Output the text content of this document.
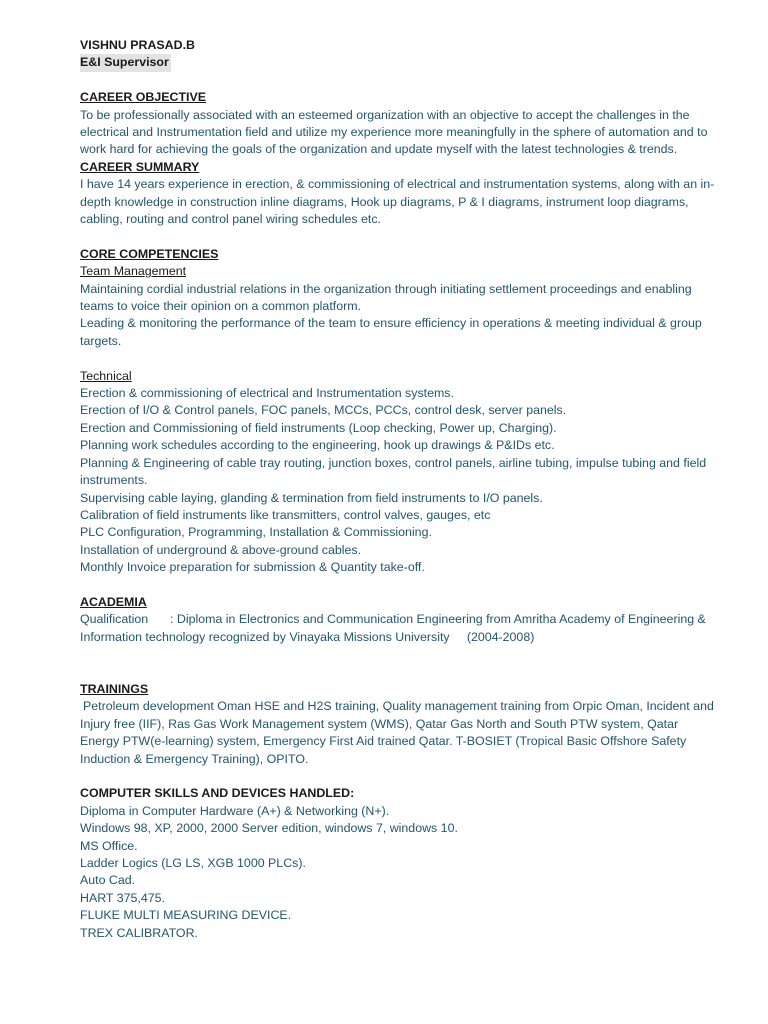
VISHNU PRASAD.B
E&I Supervisor
CAREER OBJECTIVE
To be professionally associated with an esteemed organization with an objective to accept the challenges in the electrical and Instrumentation field and utilize my experience more meaningfully in the sphere of automation and to work hard for achieving the goals of the organization and update myself with the latest technologies & trends.
CAREER SUMMARY
I have 14 years experience in erection, & commissioning of electrical and instrumentation systems, along with an in-depth knowledge in construction inline diagrams, Hook up diagrams, P & I diagrams, instrument loop diagrams, cabling, routing and control panel wiring schedules etc.
CORE COMPETENCIES
Team Management
Maintaining cordial industrial relations in the organization through initiating settlement proceedings and enabling teams to voice their opinion on a common platform.
Leading & monitoring the performance of the team to ensure efficiency in operations & meeting individual & group targets.
Technical
Erection & commissioning of electrical and Instrumentation systems.
Erection of I/O & Control panels, FOC panels, MCCs, PCCs, control desk, server panels.
Erection and Commissioning of field instruments (Loop checking, Power up, Charging).
Planning work schedules according to the engineering, hook up drawings & P&IDs etc.
Planning & Engineering of cable tray routing, junction boxes, control panels, airline tubing, impulse tubing and field instruments.
Supervising cable laying, glanding & termination from field instruments to I/O panels.
Calibration of field instruments like transmitters, control valves, gauges, etc
PLC Configuration, Programming, Installation & Commissioning.
Installation of underground & above-ground cables.
Monthly Invoice preparation for submission & Quantity take-off.
ACADEMIA
Qualification : Diploma in Electronics and Communication Engineering from Amritha Academy of Engineering & Information technology recognized by Vinayaka Missions University (2004-2008)
TRAININGS
Petroleum development Oman HSE and H2S training, Quality management training from Orpic Oman, Incident and Injury free (IIF), Ras Gas Work Management system (WMS), Qatar Gas North and South PTW system, Qatar Energy PTW(e-learning) system, Emergency First Aid trained Qatar. T-BOSIET (Tropical Basic Offshore Safety Induction & Emergency Training), OPITO.
COMPUTER SKILLS AND DEVICES HANDLED:
Diploma in Computer Hardware (A+) & Networking (N+).
Windows 98, XP, 2000, 2000 Server edition, windows 7, windows 10.
MS Office.
Ladder Logics (LG LS, XGB 1000 PLCs).
Auto Cad.
HART 375,475.
FLUKE MULTI MEASURING DEVICE.
TREX CALIBRATOR.
